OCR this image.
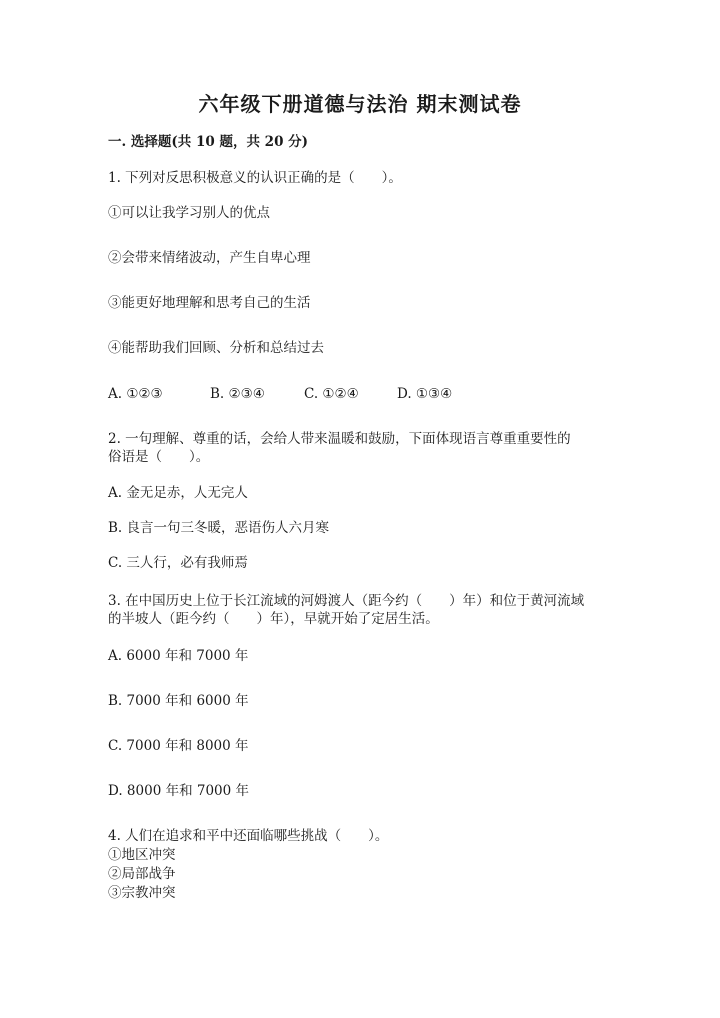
六年级下册道德与法治 期末测试卷
一. 选择题(共 10 题，共 20 分)
1. 下列对反思积极意义的认识正确的是（　　）。
①可以让我学习别人的优点
②会带来情绪波动，产生自卑心理
③能更好地理解和思考自己的生活
④能帮助我们回顾、分析和总结过去
A. ①②③	B. ②③④	C. ①②④	D. ①③④
2. 一句理解、尊重的话，会给人带来温暖和鼓励，下面体现语言尊重重要性的
俗语是（　　）。
A. 金无足赤，人无完人
B. 良言一句三冬暖，恶语伤人六月寒
C. 三人行，必有我师焉
3. 在中国历史上位于长江流域的河姆渡人（距今约（　　）年）和位于黄河流域
的半坡人（距今约（　　）年），早就开始了定居生活。
A. 6000 年和 7000 年
B. 7000 年和 6000 年
C. 7000 年和 8000 年
D. 8000 年和 7000 年
4. 人们在追求和平中还面临哪些挑战（　　）。
①地区冲突
②局部战争
③宗教冲突
